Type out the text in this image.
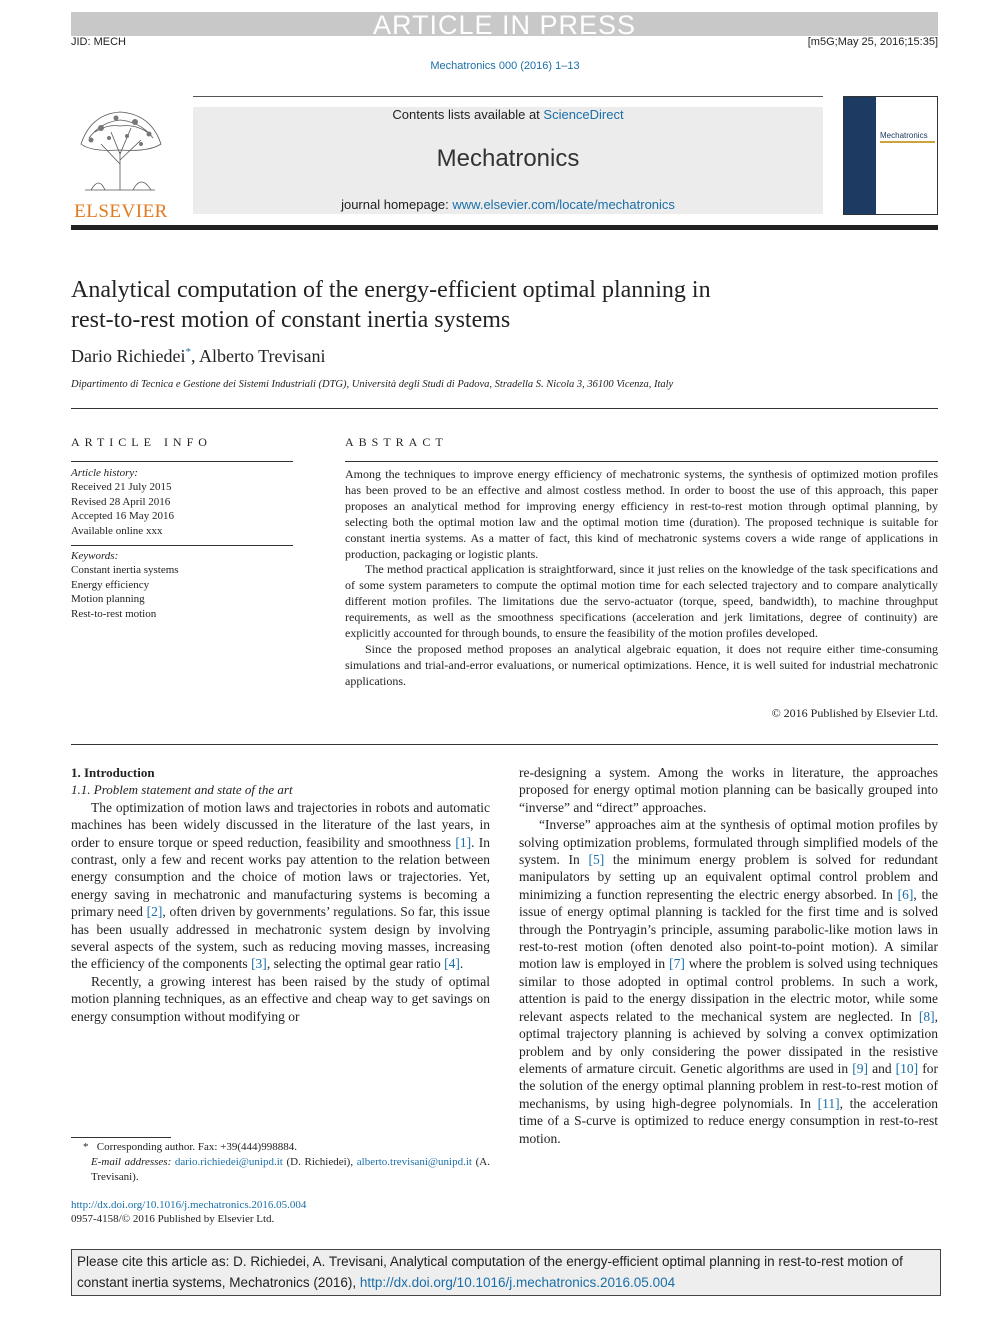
ARTICLE IN PRESS
JID: MECH	[m5G;May 25, 2016;15:35]
Mechatronics 000 (2016) 1–13
ELSEVIER
Contents lists available at ScienceDirect
Mechatronics
journal homepage: www.elsevier.com/locate/mechatronics
Mechatronics
Analytical computation of the energy-efficient optimal planning in
rest-to-rest motion of constant inertia systems
Dario Richiedei*, Alberto Trevisani
Dipartimento di Tecnica e Gestione dei Sistemi Industriali (DTG), Università degli Studi di Padova, Stradella S. Nicola 3, 36100 Vicenza, Italy
ARTICLE INFO
Article history:
Received 21 July 2015
Revised 28 April 2016
Accepted 16 May 2016
Available online xxx
Keywords:
Constant inertia systems
Energy efficiency
Motion planning
Rest-to-rest motion
ABSTRACT

Among the techniques to improve energy efficiency of mechatronic systems, the synthesis of optimized motion profiles has been proved to be an effective and almost costless method. In order to boost the use of this approach, this paper proposes an analytical method for improving energy efficiency in rest-to-rest motion through optimal planning, by selecting both the optimal motion law and the optimal motion time (duration). The proposed technique is suitable for constant inertia systems. As a matter of fact, this kind of mechatronic systems covers a wide range of applications in production, packaging or logistic plants.

The method practical application is straightforward, since it just relies on the knowledge of the task specifications and of some system parameters to compute the optimal motion time for each selected trajectory and to compare analytically different motion profiles. The limitations due the servo-actuator (torque, speed, bandwidth), to machine throughput requirements, as well as the smoothness specifications (acceleration and jerk limitations, degree of continuity) are explicitly accounted for through bounds, to ensure the feasibility of the motion profiles developed.

Since the proposed method proposes an analytical algebraic equation, it does not require either time-consuming simulations and trial-and-error evaluations, or numerical optimizations. Hence, it is well suited for industrial mechatronic applications.

© 2016 Published by Elsevier Ltd.

1. Introduction

1.1. Problem statement and state of the art

The optimization of motion laws and trajectories in robots and automatic machines has been widely discussed in the literature of the last years, in order to ensure torque or speed reduction, feasibility and smoothness [1]. In contrast, only a few and recent works pay attention to the relation between energy consumption and the choice of motion laws or trajectories. Yet, energy saving in mechatronic and manufacturing systems is becoming a primary need [2], often driven by governments’ regulations. So far, this issue has been usually addressed in mechatronic system design by involving several aspects of the system, such as reducing moving masses, increasing the efficiency of the components [3], selecting the optimal gear ratio [4].

Recently, a growing interest has been raised by the study of optimal motion planning techniques, as an effective and cheap way to get savings on energy consumption without modifying or

re-designing a system. Among the works in literature, the approaches proposed for energy optimal motion planning can be basically grouped into “inverse” and “direct” approaches.

“Inverse” approaches aim at the synthesis of optimal motion profiles by solving optimization problems, formulated through simplified models of the system. In [5] the minimum energy problem is solved for redundant manipulators by setting up an equivalent optimal control problem and minimizing a function representing the electric energy absorbed. In [6], the issue of energy optimal planning is tackled for the first time and is solved through the Pontryagin’s principle, assuming parabolic-like motion laws in rest-to-rest motion (often denoted also point-to-point motion). A similar motion law is employed in [7] where the problem is solved using techniques similar to those adopted in optimal control problems. In such a work, attention is paid to the energy dissipation in the electric motor, while some relevant aspects related to the mechanical system are neglected. In [8], optimal trajectory planning is achieved by solving a convex optimization problem and by only considering the power dissipated in the resistive elements of armature circuit. Genetic algorithms are used in [9] and [10] for the solution of the energy optimal planning problem in rest-to-rest motion of mechanisms, by using high-degree polynomials. In [11], the acceleration time of a S-curve is optimized to reduce energy consumption in rest-to-rest motion.

* Corresponding author. Fax: +39(444)998884.
E-mail addresses: dario.richiedei@unipd.it (D. Richiedei), alberto.trevisani@unipd.it (A. Trevisani).
http://dx.doi.org/10.1016/j.mechatronics.2016.05.004
0957-4158/© 2016 Published by Elsevier Ltd.
Please cite this article as: D. Richiedei, A. Trevisani, Analytical computation of the energy-efficient optimal planning in rest-to-rest motion of constant inertia systems, Mechatronics (2016), http://dx.doi.org/10.1016/j.mechatronics.2016.05.004
